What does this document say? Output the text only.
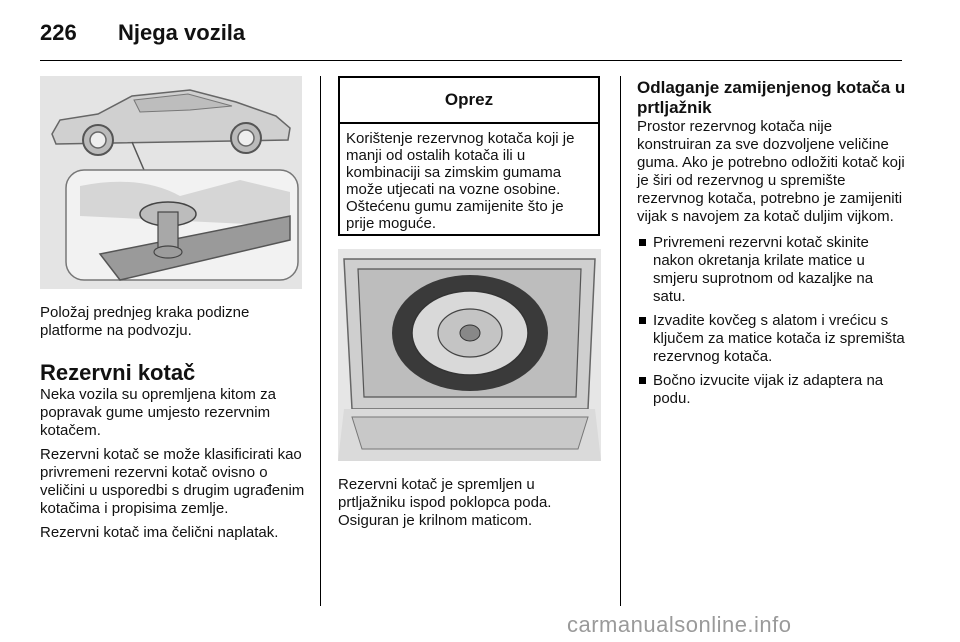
226 Njega vozila
Položaj prednjeg kraka podizne platforme na podvozju.
Rezervni kotač

Neka vozila su opremljena kitom za popravak gume umjesto rezervnim kotačem.

Rezervni kotač se može klasificirati kao privremeni rezervni kotač ovisno o veličini u usporedbi s drugim ugrađenim kotačima i propisima zemlje.

Rezervni kotač ima čelični naplatak.

Oprez
Korištenje rezervnog kotača koji je manji od ostalih kotača ili u kombinaciji sa zimskim gumama može utjecati na vozne osobine. Oštećenu gumu zamijenite što je prije moguće.
Rezervni kotač je spremljen u prtljažniku ispod poklopca poda. Osiguran je krilnom maticom.
Odlaganje zamijenjenog kotača u prtljažnik

Prostor rezervnog kotača nije konstruiran za sve dozvoljene veličine guma. Ako je potrebno odložiti kotač koji je širi od rezervnog u spremište rezervnog kotača, potrebno je zamijeniti vijak s navojem za kotač duljim vijkom.

Privremeni rezervni kotač skinite nakon okretanja krilate matice u smjeru suprotnom od kazaljke na satu.
Izvadite kovčeg s alatom i vrećicu s ključem za matice kotača iz spremišta rezervnog kotača.
Bočno izvucite vijak iz adaptera na podu.
carmanualsonline.info
